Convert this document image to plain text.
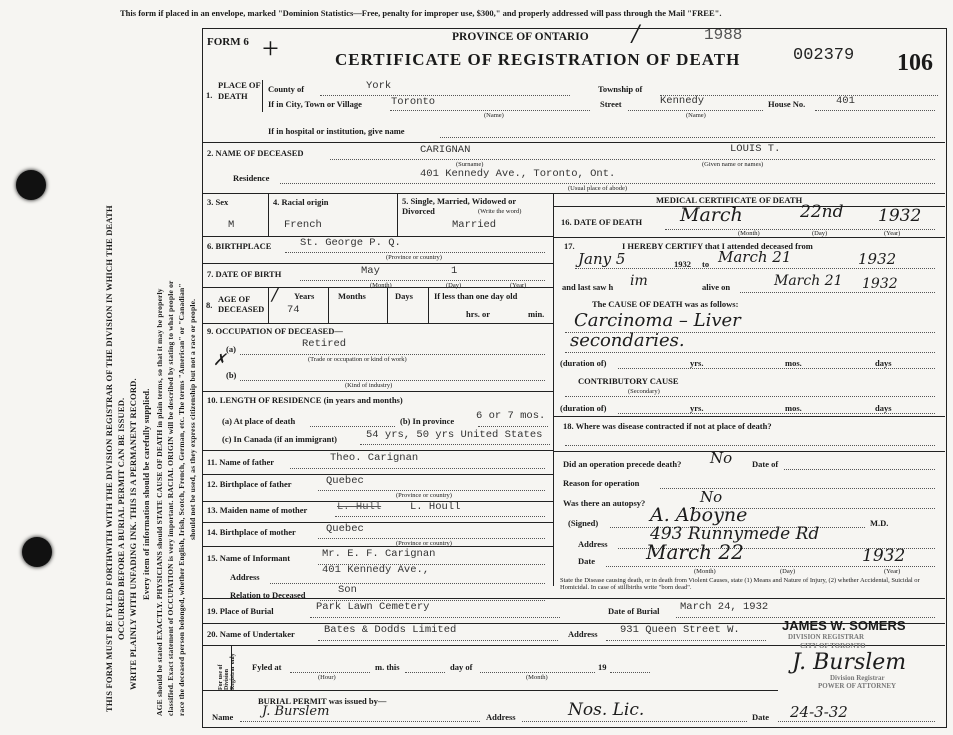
This form if placed in an envelope, marked "Dominion Statistics—Free, penalty for improper use, $300," and properly addressed will pass through the Mail "FREE".
THIS FORM MUST BE FYLED FORTHWITH WITH THE DIVISION REGISTRAR OF THE DIVISION IN WHICH THE DEATH OCCURRED BEFORE A BURIAL PERMIT CAN BE ISSUED. WRITE PLAINLY WITH UNFADING INK. THIS IS A PERMANENT RECORD. Every item of information should be carefully supplied. AGE should be stated EXACTLY. PHYSICIANS should STATE CAUSE OF DEATH in plain terms, so that it may be properly classified. Exact statement of OCCUPATION is very important. RACIAL ORIGIN will be described by stating to what people or race the deceased person belonged, whether English, Irish, Scotch, French, German, etc. The terms "American" or "Canadian" should not be used, as they express citizenship but not a race or people.
FORM 6 +	PROVINCE OF ONTARIO /	1988
CERTIFICATE OF REGISTRATION OF DEATH	002379 106
1.
PLACE OF DEATH
County of	York	Township of
If in City, Town or Village	Toronto
(Name)
Street	Kennedy
(Name)
House No.	401
If in hospital or institution, give name
2. NAME OF DECEASED	CARIGNAN
(Surname)
LOUIS T.
(Given name or names)
Residence	401 Kennedy Ave., Toronto, Ont.
(Usual place of abode)
3. Sex	4. Racial origin	5. Single, Married, Widowed or Divorced	(Write the word)
M	French	Married
6. BIRTHPLACE	St. George P. Q.
(Province or country)
7. DATE OF BIRTH	May	1
(Month)	(Day)	(Year)
8.
AGE OF DECEASED
/ Years
74
Months	Days If less than one day old
hrs. or	min.
9. OCCUPATION OF DECEASED—
✗
(a)	Retired
(Trade or occupation or kind of work)
(b)
(Kind of industry)
10. LENGTH OF RESIDENCE (in years and months)
(a) At place of death	(b) In province 6 or 7 mos.
(c) In Canada (if an immigrant)	54 yrs, 50 yrs United States
11. Name of father	Theo. Carignan
12. Birthplace of father	Quebec
(Province or country)
13. Maiden name of mother	L. Hull	L. Houll
14. Birthplace of mother	Quebec
(Province or country)
15. Name of Informant	Mr. E. F. Carignan
Address
401 Kennedy Ave.,
Relation to Deceased	Son
MEDICAL CERTIFICATE OF DEATH
16. DATE OF DEATH March	22nd 1932
(Month)	(Day)	(Year)
17.	I HEREBY CERTIFY that I attended deceased from
Jany 5	1932 to March 21	1932
and last saw h im	alive on	March 21 1932
The CAUSE OF DEATH was as follows:
Carcinoma – Liver
secondaries.
(duration of)	yrs.	mos.	days
CONTRIBUTORY CAUSE
(Secondary)
(duration of)	yrs.	mos.	days
18. Where was disease contracted if not at place of death?
Did an operation precede death? No Date of
Reason for operation
Was there an autopsy?	No
(Signed)	A. Aboyne	M.D.
Address 493 Runnymede Rd
Date	March 22	1932
(Month)	(Day)	(Year)
State the Disease causing death, or in death from Violent Causes, state (1) Means and Nature of Injury, (2) whether Accidental, Suicidal or Homicidal. In case of stillbirths write "born dead".
19. Place of Burial	Park Lawn Cemetery	Date of Burial March 24, 1932
20. Name of Undertaker	Bates & Dodds Limited	Address 931 Queen Street W.	JAMES W. SOMERS
DIVISION REGISTRAR
CITY OF TORONTO
J. Burslem
Division Registrar
POWER OF ATTORNEY
For use of Division Registrar only Fyled at
(Hour)
m. this	day of
(Month)
19
BURIAL PERMIT was issued by—
J. Burslem
Name	Address	Nos. Lic.	Date 24-3-32
